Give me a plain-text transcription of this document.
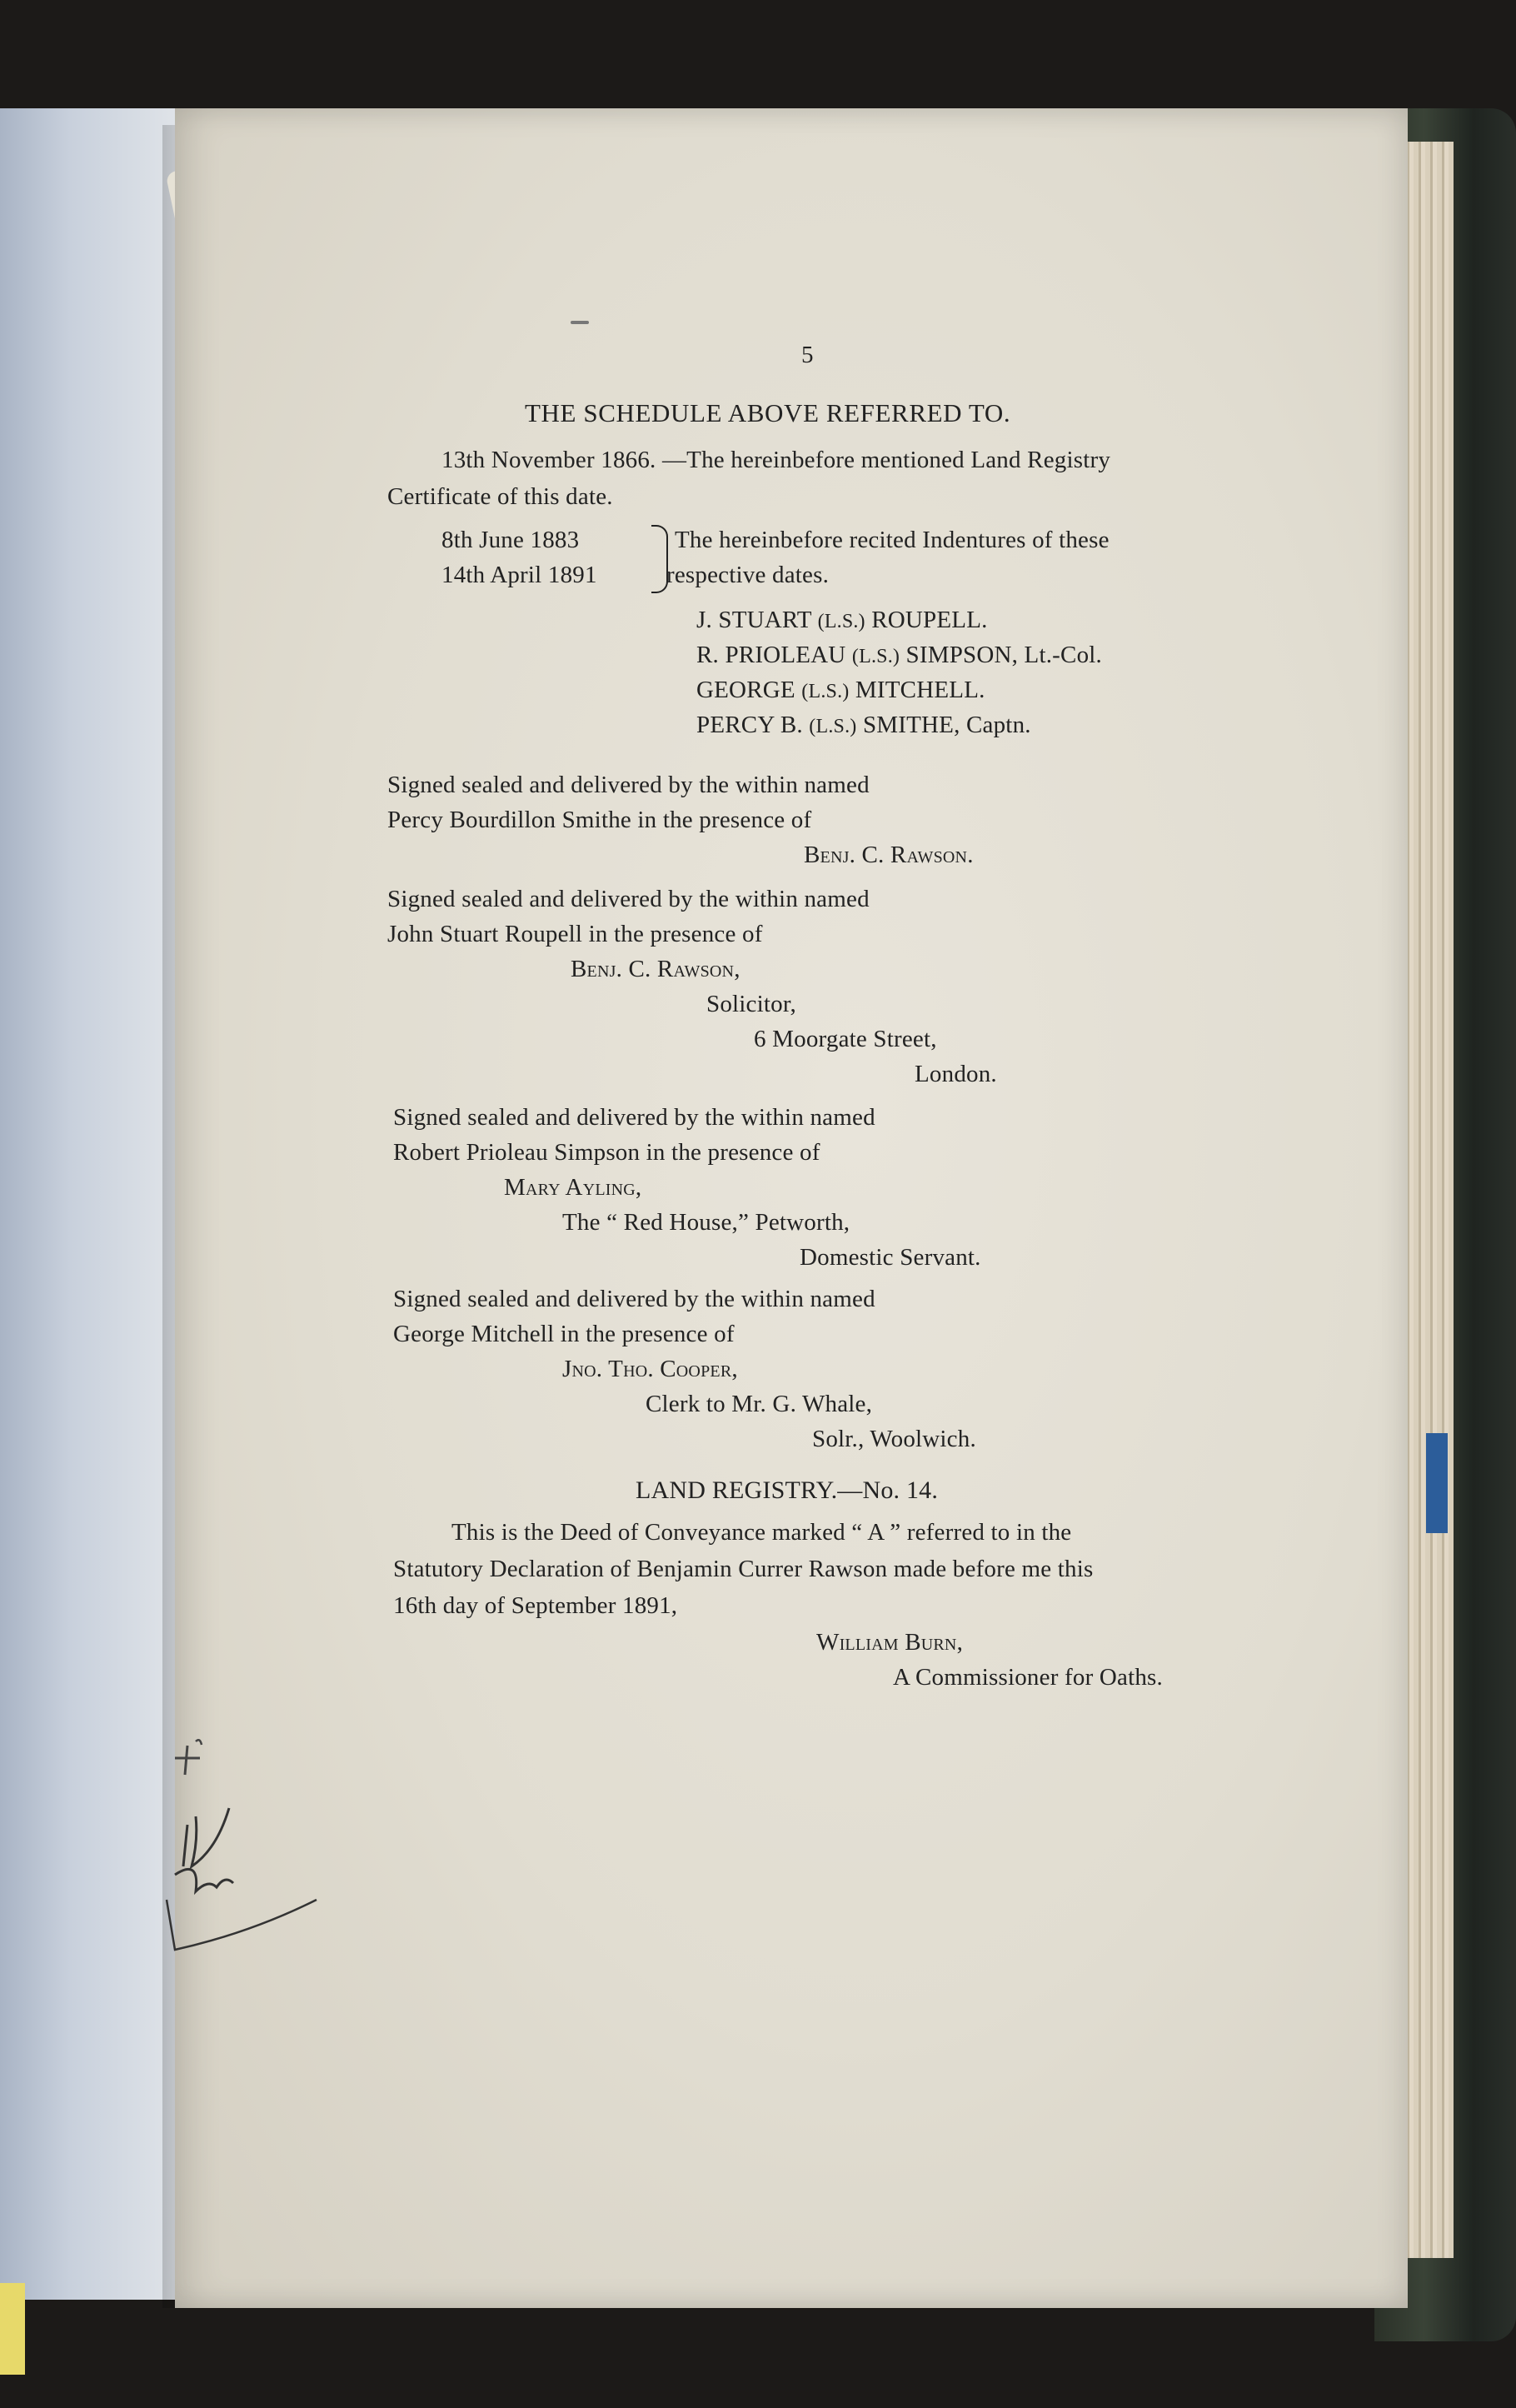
5
THE SCHEDULE ABOVE REFERRED TO.
13th November 1866. —The hereinbefore mentioned Land Registry
Certificate of this date.
8th June 1883
14th April 1891
The hereinbefore recited Indentures of these
respective dates.
J. STUART (L.S.) ROUPELL.
R. PRIOLEAU (L.S.) SIMPSON, Lt.-Col.
GEORGE (L.S.) MITCHELL.
PERCY B. (L.S.) SMITHE, Captn.
Signed sealed and delivered by the within named
Percy Bourdillon Smithe in the presence of
Benj. C. Rawson.
Signed sealed and delivered by the within named
John Stuart Roupell in the presence of
Benj. C. Rawson,
Solicitor,
6 Moorgate Street,
London.
Signed sealed and delivered by the within named
Robert Prioleau Simpson in the presence of
Mary Ayling,
The “ Red House,” Petworth,
Domestic Servant.
Signed sealed and delivered by the within named
George Mitchell in the presence of
Jno. Tho. Cooper,
Clerk to Mr. G. Whale,
Solr., Woolwich.
LAND REGISTRY.—No. 14.
This is the Deed of Conveyance marked “ A ” referred to in the
Statutory Declaration of Benjamin Currer Rawson made before me this
16th day of September 1891,
William Burn,
A Commissioner for Oaths.
